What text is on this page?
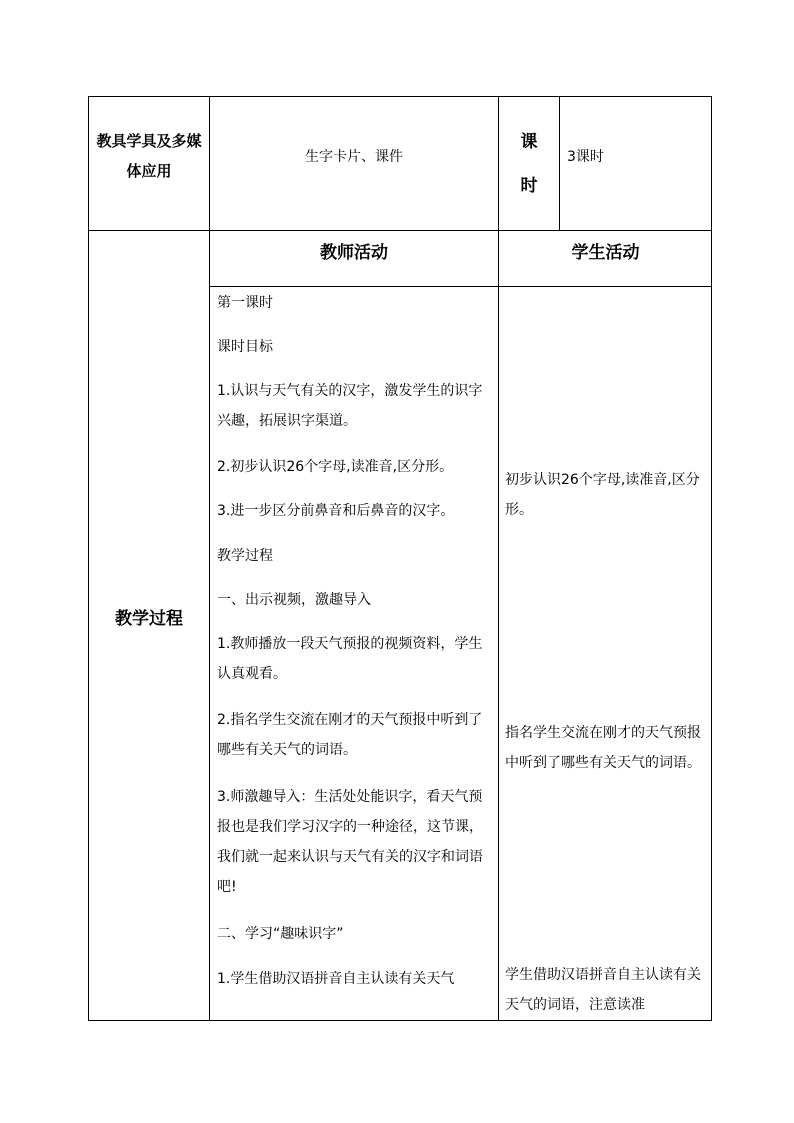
教具学具及多媒体应用
生字卡片、课件
课时
3课时
教师活动	学生活动
教学过程

第一课时

课时目标

1.认识与天气有关的汉字，激发学生的识字兴趣，拓展识字渠道。

2.初步认识26个字母,读准音,区分形。

3.进一步区分前鼻音和后鼻音的汉字。

教学过程

一、出示视频，激趣导入

1.教师播放一段天气预报的视频资料，学生认真观看。

2.指名学生交流在刚才的天气预报中听到了哪些有关天气的词语。

3.师激趣导入：生活处处能识字，看天气预报也是我们学习汉字的一种途径，这节课，我们就一起来认识与天气有关的汉字和词语吧!

二、学习“趣味识字”

1.学生借助汉语拼音自主认读有关天气

初步认识26个字母,读准音,区分形。

指名学生交流在刚才的天气预报中听到了哪些有关天气的词语。

学生借助汉语拼音自主认读有关天气的词语，注意读准
